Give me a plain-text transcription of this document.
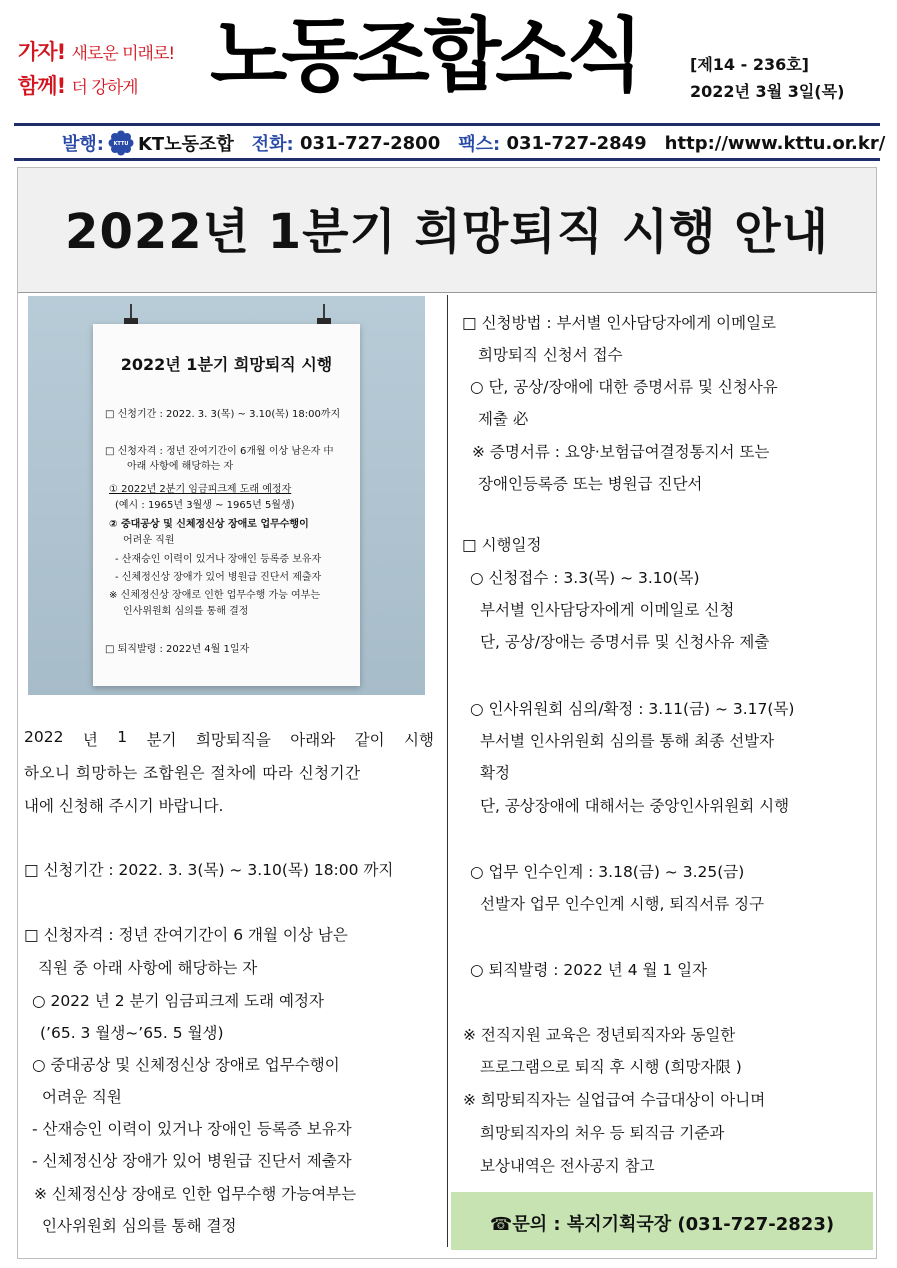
가자! 새로운 미래로!
함께! 더 강하게 노동조합소식	[제14 - 236호]
2022년 3월 3일(목)
발행: KTTU KT노동조합 전화:
031-727-2800 팩스:
031-727-2849 http://www.kttu.or.kr/
2022년 1분기 희망퇴직 시행 안내
2022년 1분기 희망퇴직 시행
□ 신청기간 : 2022. 3. 3(목) ~ 3.10(목) 18:00까지
□ 신청자격 : 정년 잔여기간이 6개월 이상 남은자 中
아래 사항에 해당하는 자
① 2022년 2분기 임금피크제 도래 예정자
(예시 : 1965년 3월생 ~ 1965년 5월생)
② 중대공상 및 신체정신상 장애로 업무수행이
어려운 직원
- 산재승인 이력이 있거나 장애인 등록증 보유자
- 신체정신상 장애가 있어 병원급 진단서 제출자
※ 신체정신상 장애로 인한 업무수행 가능 여부는
인사위원회 심의를 통해 결정
□ 퇴직발령 : 2022년 4월 1일자
2022 년 1 분기 희망퇴직을 아래와 같이 시행
하오니 희망하는 조합원은 절차에 따라 신청기간
내에 신청해 주시기 바랍니다.
□ 신청기간 : 2022. 3. 3(목) ~ 3.10(목) 18:00 까지
□ 신청자격 : 정년 잔여기간이 6 개월 이상 남은
직원 중 아래 사항에 해당하는 자
○ 2022 년 2 분기 임금피크제 도래 예정자
(’65. 3 월생~’65. 5 월생)
○ 중대공상 및 신체정신상 장애로 업무수행이
어려운 직원
- 산재승인 이력이 있거나 장애인 등록증 보유자
- 신체정신상 장애가 있어 병원급 진단서 제출자
※ 신체정신상 장애로 인한 업무수행 가능여부는
인사위원회 심의를 통해 결정
□ 신청방법 : 부서별 인사담당자에게 이메일로
희망퇴직 신청서 접수
○ 단, 공상/장애에 대한 증명서류 및 신청사유
제출 必
※ 증명서류 : 요양·보험급여결정통지서 또는
장애인등록증 또는 병원급 진단서
□ 시행일정
○ 신청접수 : 3.3(목) ~ 3.10(목)
부서별 인사담당자에게 이메일로 신청
단, 공상/장애는 증명서류 및 신청사유 제출
○ 인사위원회 심의/확정 : 3.11(금) ~ 3.17(목)
부서별 인사위원회 심의를 통해 최종 선발자
확정
단, 공상장애에 대해서는 중앙인사위원회 시행
○ 업무 인수인계 : 3.18(금) ~ 3.25(금)
선발자 업무 인수인계 시행, 퇴직서류 징구
○ 퇴직발령 : 2022 년 4 월 1 일자
※ 전직지원 교육은 정년퇴직자와 동일한
프로그램으로 퇴직 후 시행 (희망자限 )
※ 희망퇴직자는 실업급여 수급대상이 아니며
희망퇴직자의 처우 등 퇴직금 기준과
보상내역은 전사공지 참고
☎문의 : 복지기획국장 (031-727-2823)
